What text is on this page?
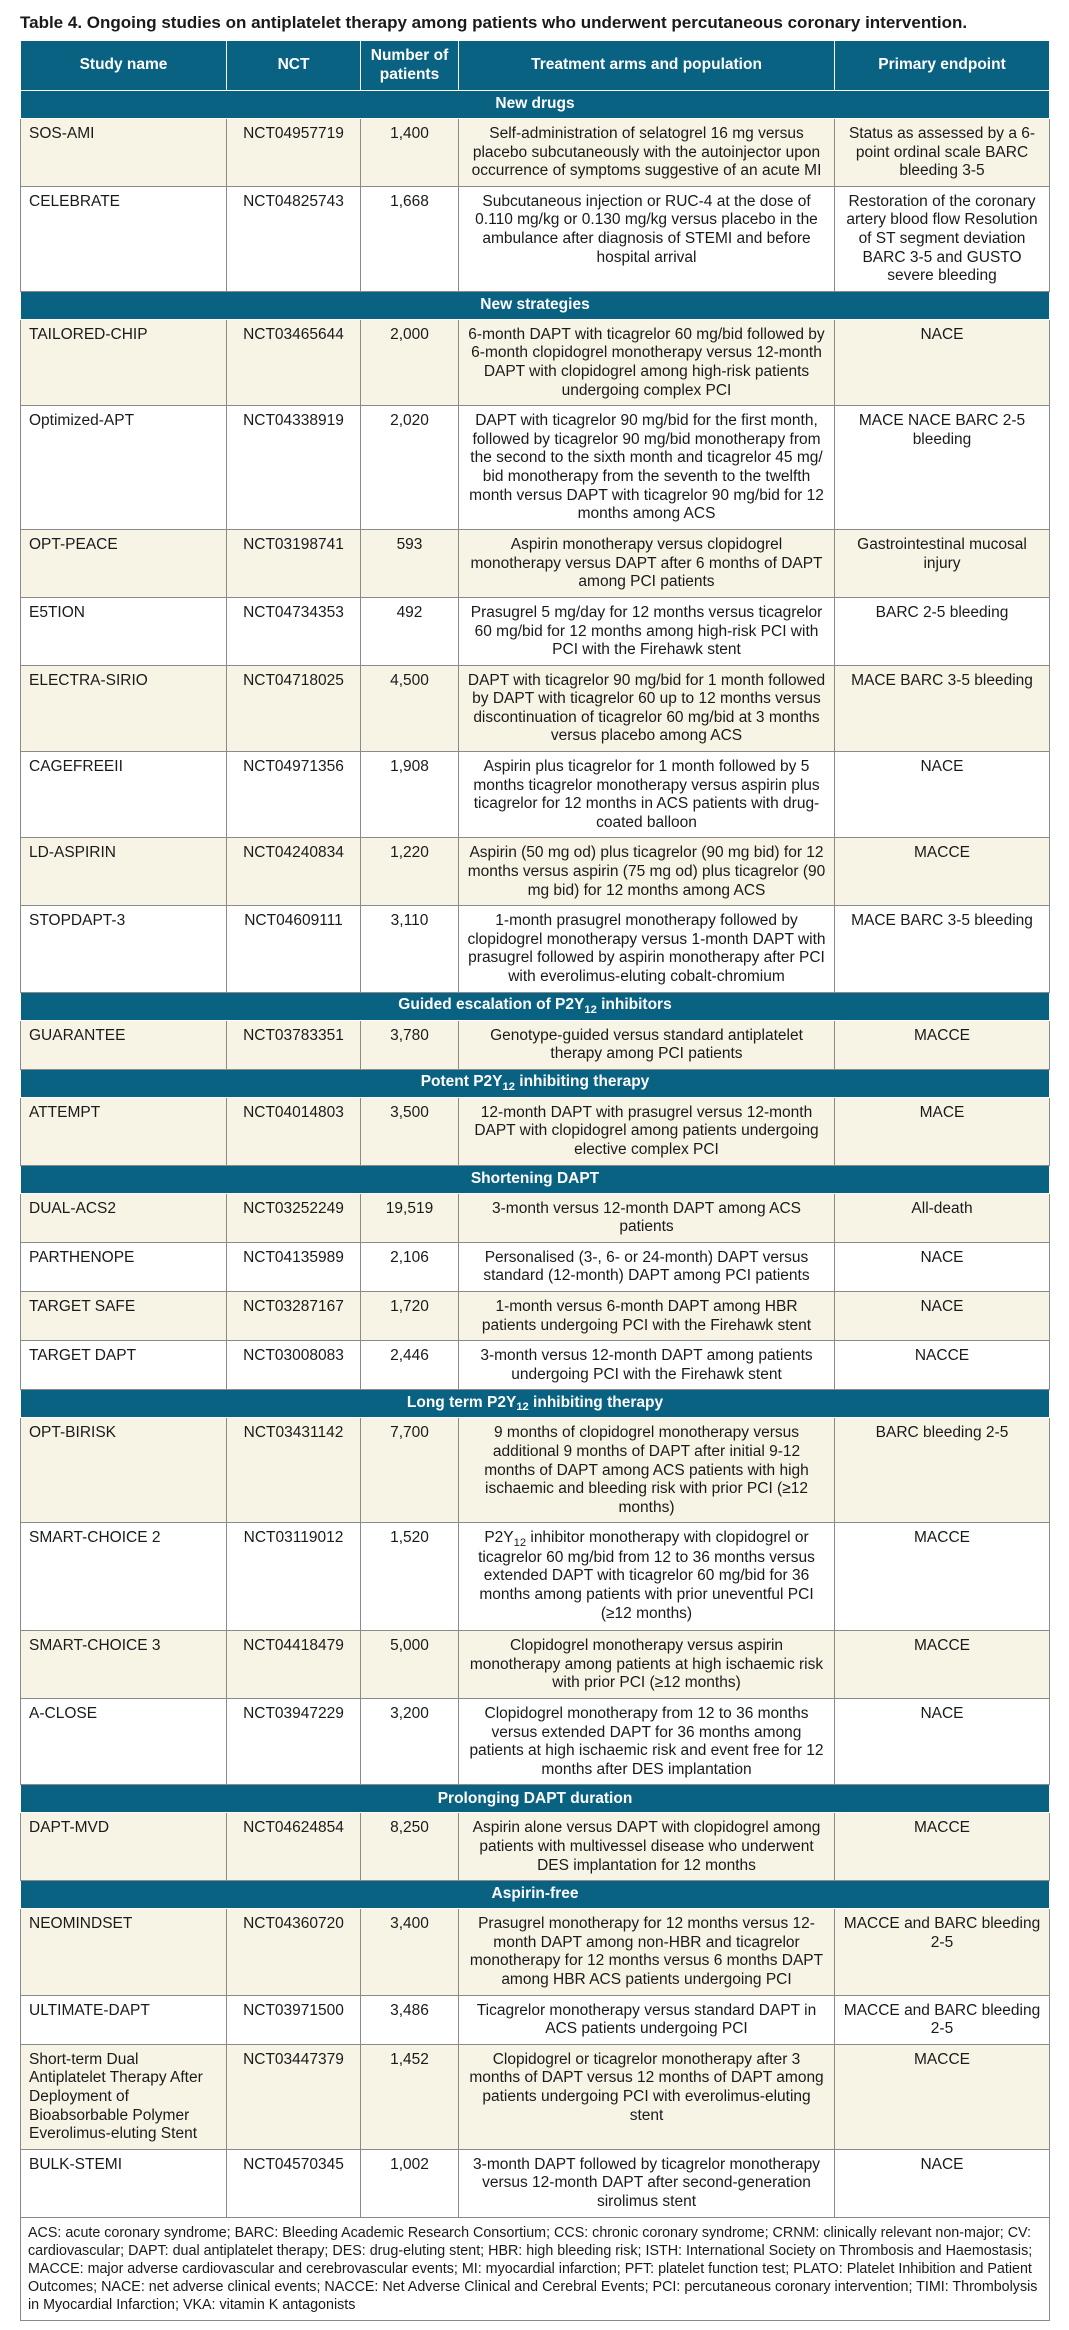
Table 4. Ongoing studies on antiplatelet therapy among patients who underwent percutaneous coronary intervention.
Study name	NCT	Number of patients	Treatment arms and population	Primary endpoint
New drugs				
SOS-AMI	NCT04957719	1,400	Self-administration of selatogrel 16 mg versus placebo subcutaneously with the autoinjector upon occurrence of symptoms suggestive of an acute MI	Status as assessed by a 6-point ordinal scale BARC bleeding 3-5
CELEBRATE	NCT04825743	1,668	Subcutaneous injection or RUC-4 at the dose of 0.110 mg/kg or 0.130 mg/kg versus placebo in the ambulance after diagnosis of STEMI and before hospital arrival	Restoration of the coronary artery blood flow Resolution of ST segment deviation BARC 3-5 and GUSTO severe bleeding
New strategies				
TAILORED-CHIP	NCT03465644	2,000	6-month DAPT with ticagrelor 60 mg/bid followed by 6-month clopidogrel monotherapy versus 12-month DAPT with clopidogrel among high-risk patients undergoing complex PCI	NACE
Optimized-APT	NCT04338919	2,020	DAPT with ticagrelor 90 mg/bid for the first month, followed by ticagrelor 90 mg/bid monotherapy from the second to the sixth month and ticagrelor 45 mg/ bid monotherapy from the seventh to the twelfth month versus DAPT with ticagrelor 90 mg/bid for 12 months among ACS	MACE NACE BARC 2-5 bleeding
OPT-PEACE	NCT03198741	593	Aspirin monotherapy versus clopidogrel monotherapy versus DAPT after 6 months of DAPT among PCI patients	Gastrointestinal mucosal injury
E5TION	NCT04734353	492	Prasugrel 5 mg/day for 12 months versus ticagrelor 60 mg/bid for 12 months among high-risk PCI with PCI with the Firehawk stent	BARC 2-5 bleeding
ELECTRA-SIRIO	NCT04718025	4,500	DAPT with ticagrelor 90 mg/bid for 1 month followed by DAPT with ticagrelor 60 up to 12 months versus discontinuation of ticagrelor 60 mg/bid at 3 months versus placebo among ACS	MACE BARC 3-5 bleeding
CAGEFREEII	NCT04971356	1,908	Aspirin plus ticagrelor for 1 month followed by 5 months ticagrelor monotherapy versus aspirin plus ticagrelor for 12 months in ACS patients with drug-coated balloon	NACE
LD-ASPIRIN	NCT04240834	1,220	Aspirin (50 mg od) plus ticagrelor (90 mg bid) for 12 months versus aspirin (75 mg od) plus ticagrelor (90 mg bid) for 12 months among ACS	MACCE
STOPDAPT-3	NCT04609111	3,110	1-month prasugrel monotherapy followed by clopidogrel monotherapy versus 1-month DAPT with prasugrel followed by aspirin monotherapy after PCI with everolimus-eluting cobalt-chromium	MACE BARC 3-5 bleeding
Guided escalation of $P2Y_{12}$ inhibitors				
GUARANTEE	NCT03783351	3,780	Genotype-guided versus standard antiplatelet therapy among PCI patients	MACCE
Potent $P2Y_{12}$ inhibiting therapy				
ATTEMPT	NCT04014803	3,500	12-month DAPT with prasugrel versus 12-month DAPT with clopidogrel among patients undergoing elective complex PCI	MACE
Shortening DAPT				
DUAL-ACS2	NCT03252249	19,519	3-month versus 12-month DAPT among ACS patients	All-death
PARTHENOPE	NCT04135989	2,106	Personalised (3-, 6- or 24-month) DAPT versus standard (12-month) DAPT among PCI patients	NACE
TARGET SAFE	NCT03287167	1,720	1-month versus 6-month DAPT among HBR patients undergoing PCI with the Firehawk stent	NACE
TARGET DAPT	NCT03008083	2,446	3-month versus 12-month DAPT among patients undergoing PCI with the Firehawk stent	NACCE
Long term $P2Y_{12}$ inhibiting therapy				
OPT-BIRISK	NCT03431142	7,700	9 months of clopidogrel monotherapy versus additional 9 months of DAPT after initial 9-12 months of DAPT among ACS patients with high ischaemic and bleeding risk with prior PCI (≥12 months)	BARC bleeding 2-5
SMART-CHOICE 2	NCT03119012	1,520	$P2Y_{12}$ inhibitor monotherapy with clopidogrel or ticagrelor 60 mg/bid from 12 to 36 months versus extended DAPT with ticagrelor 60 mg/bid for 36 months among patients with prior uneventful PCI (≥12 months)	MACCE
SMART-CHOICE 3	NCT04418479	5,000	Clopidogrel monotherapy versus aspirin monotherapy among patients at high ischaemic risk with prior PCI (≥12 months)	MACCE
A-CLOSE	NCT03947229	3,200	Clopidogrel monotherapy from 12 to 36 months versus extended DAPT for 36 months among patients at high ischaemic risk and event free for 12 months after DES implantation	NACE
Prolonging DAPT duration				
DAPT-MVD	NCT04624854	8,250	Aspirin alone versus DAPT with clopidogrel among patients with multivessel disease who underwent DES implantation for 12 months	MACCE
Aspirin-free				
NEOMINDSET	NCT04360720	3,400	Prasugrel monotherapy for 12 months versus 12-month DAPT among non-HBR and ticagrelor monotherapy for 12 months versus 6 months DAPT among HBR ACS patients undergoing PCI	MACCE and BARC bleeding 2-5
ULTIMATE-DAPT	NCT03971500	3,486	Ticagrelor monotherapy versus standard DAPT in ACS patients undergoing PCI	MACCE and BARC bleeding 2-5
Short-term Dual Antiplatelet Therapy After Deployment of Bioabsorbable Polymer Everolimus-eluting Stent	NCT03447379	1,452	Clopidogrel or ticagrelor monotherapy after 3 months of DAPT versus 12 months of DAPT among patients undergoing PCI with everolimus-eluting stent	MACCE
BULK-STEMI	NCT04570345	1,002	3-month DAPT followed by ticagrelor monotherapy versus 12-month DAPT after second-generation sirolimus stent	NACE
ACS: acute coronary syndrome; BARC: Bleeding Academic Research Consortium; CCS: chronic coronary syndrome; CRNM: clinically relevant non-major; CV: cardiovascular; DAPT: dual antiplatelet therapy; DES: drug-eluting stent; HBR: high bleeding risk; ISTH: International Society on Thrombosis and Haemostasis; MACCE: major adverse cardiovascular and cerebrovascular events; MI: myocardial infarction; PFT: platelet function test; PLATO: Platelet Inhibition and Patient Outcomes; NACE: net adverse clinical events; NACCE: Net Adverse Clinical and Cerebral Events; PCI: percutaneous coronary intervention; TIMI: Thrombolysis in Myocardial Infarction; VKA: vitamin K antagonists				
